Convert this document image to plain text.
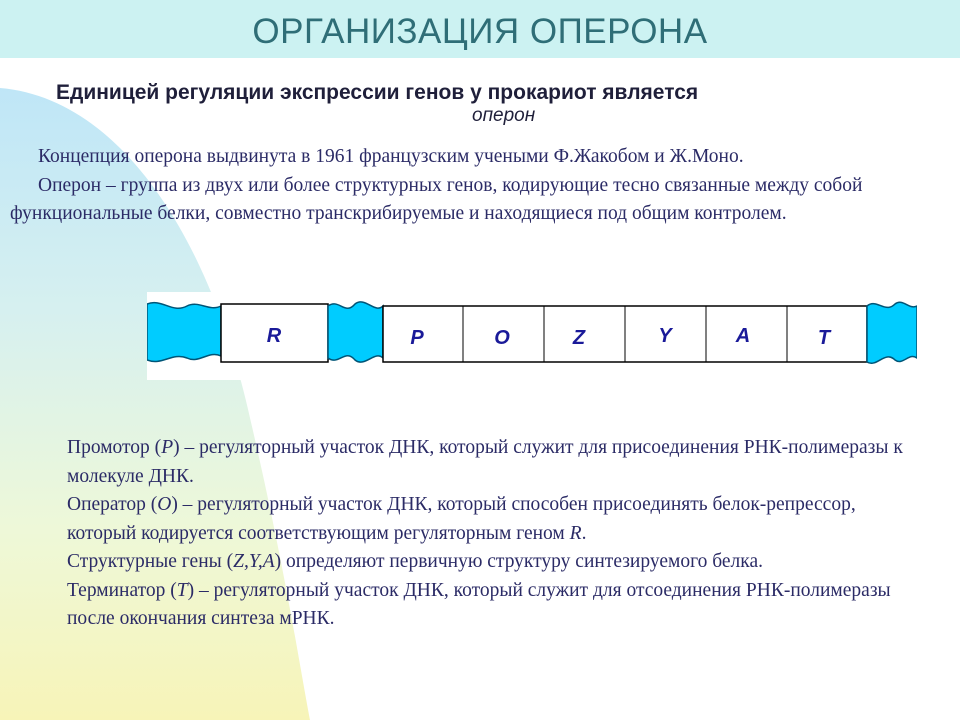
ОРГАНИЗАЦИЯ ОПЕРОНА
Единицей регуляции экспрессии генов у прокариот является
оперон

Концепция оперона выдвинута в 1961 французским учеными Ф.Жакобом и Ж.Моно.

Оперон – группа из двух или более структурных генов, кодирующие тесно связанные между собой функциональные белки, совместно транскрибируемые и находящиеся под общим контролем.

R	P	O	Z	Y	A	T

Промотор (Р) – регуляторный участок ДНК, который служит для присоединения РНК-полимеразы к молекуле ДНК.

Оператор (О) – регуляторный участок ДНК, который способен присоединять белок-репрессор, который кодируется соответствующим регуляторным геном R.

Структурные гены (Z,Y,A) определяют первичную структуру синтезируемого белка.

Терминатор (Т) – регуляторный участок ДНК, который служит для отсоединения РНК-полимеразы после окончания синтеза мРНК.
